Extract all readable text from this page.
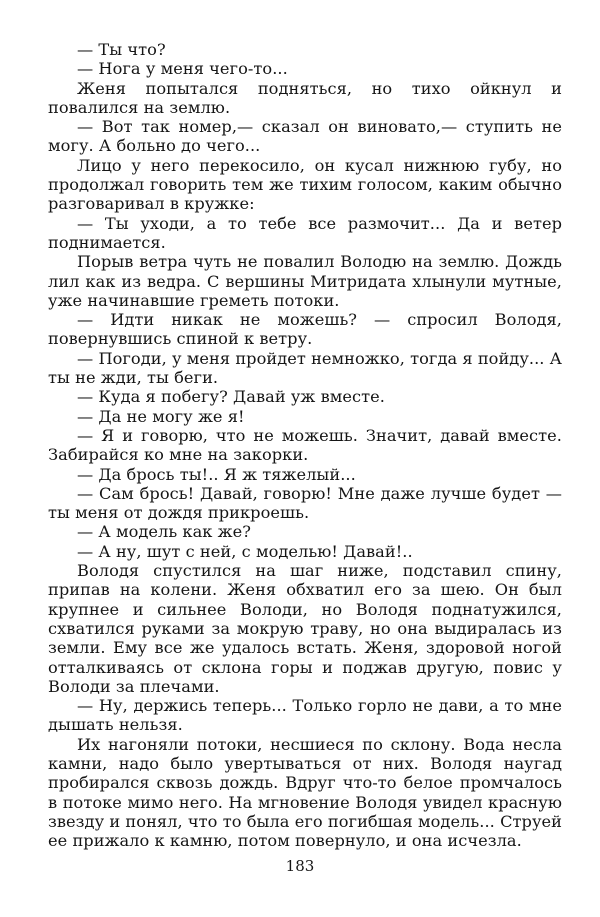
— Ты что?

— Нога у меня чего-то...

Женя попытался подняться, но тихо ойкнул и повалился на землю.

— Вот так номер,— сказал он виновато,— ступить не могу. А больно до чего...

Лицо у него перекосило, он кусал нижнюю губу, но продолжал говорить тем же тихим голосом, каким обычно разговаривал в кружке:

— Ты уходи, а то тебе все размочит... Да и ветер поднимается.

Порыв ветра чуть не повалил Володю на землю. Дождь лил как из ведра. С вершины Митридата хлынули мутные, уже начинавшие греметь потоки.

— Идти никак не можешь? — спросил Володя, повернувшись спиной к ветру.

— Погоди, у меня пройдет немножко, тогда я пойду... А ты не жди, ты беги.

— Куда я побегу? Давай уж вместе.

— Да не могу же я!

— Я и говорю, что не можешь. Значит, давай вместе. Забирайся ко мне на закорки.

— Да брось ты!.. Я ж тяжелый...

— Сам брось! Давай, говорю! Мне даже лучше будет — ты меня от дождя прикроешь.

— А модель как же?

— А ну, шут с ней, с моделью! Давай!..

Володя спустился на шаг ниже, подставил спину, припав на колени. Женя обхватил его за шею. Он был крупнее и сильнее Володи, но Володя поднатужился, схватился руками за мокрую траву, но она выдиралась из земли. Ему все же удалось встать. Женя, здоровой ногой отталкиваясь от склона горы и поджав другую, повис у Володи за плечами.

— Ну, держись теперь... Только горло не дави, а то мне дышать нельзя.

Их нагоняли потоки, несшиеся по склону. Вода несла камни, надо было увертываться от них. Володя наугад пробирался сквозь дождь. Вдруг что-то белое промчалось в потоке мимо него. На мгновение Володя увидел красную звезду и понял, что то была его погибшая модель... Струей ее прижало к камню, потом повернуло, и она исчезла.

183
